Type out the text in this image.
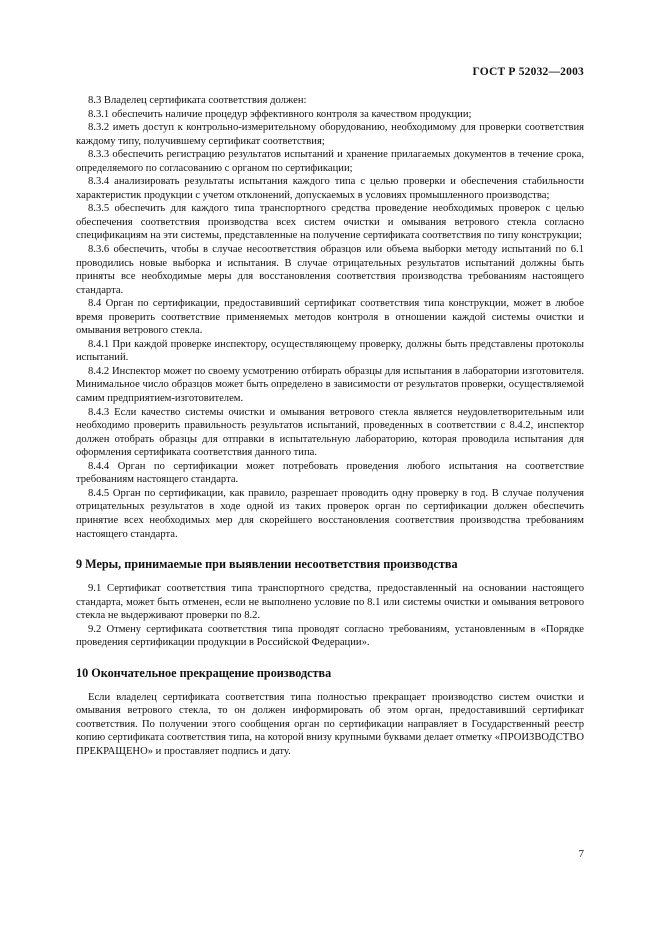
ГОСТ Р 52032—2003

8.3 Владелец сертификата соответствия должен:

8.3.1 обеспечить наличие процедур эффективного контроля за качеством продукции;

8.3.2 иметь доступ к контрольно-измерительному оборудованию, необходимому для проверки соответствия каждому типу, получившему сертификат соответствия;

8.3.3 обеспечить регистрацию результатов испытаний и хранение прилагаемых документов в течение срока, определяемого по согласованию с органом по сертификации;

8.3.4 анализировать результаты испытания каждого типа с целью проверки и обеспечения стабильности характеристик продукции с учетом отклонений, допускаемых в условиях промышленного производства;

8.3.5 обеспечить для каждого типа транспортного средства проведение необходимых проверок с целью обеспечения соответствия производства всех систем очистки и омывания ветрового стекла согласно спецификациям на эти системы, представленные на получение сертификата соответствия по типу конструкции;

8.3.6 обеспечить, чтобы в случае несоответствия образцов или объема выборки методу испытаний по 6.1 проводились новые выборка и испытания. В случае отрицательных результатов испытаний должны быть приняты все необходимые меры для восстановления соответствия производства требованиям настоящего стандарта.

8.4 Орган по сертификации, предоставивший сертификат соответствия типа конструкции, может в любое время проверить соответствие применяемых методов контроля в отношении каждой системы очистки и омывания ветрового стекла.

8.4.1 При каждой проверке инспектору, осуществляющему проверку, должны быть представлены протоколы испытаний.

8.4.2 Инспектор может по своему усмотрению отбирать образцы для испытания в лаборатории изготовителя. Минимальное число образцов может быть определено в зависимости от результатов проверки, осуществляемой самим предприятием-изготовителем.

8.4.3 Если качество системы очистки и омывания ветрового стекла является неудовлетворительным или необходимо проверить правильность результатов испытаний, проведенных в соответствии с 8.4.2, инспектор должен отобрать образцы для отправки в испытательную лабораторию, которая проводила испытания для оформления сертификата соответствия данного типа.

8.4.4 Орган по сертификации может потребовать проведения любого испытания на соответствие требованиям настоящего стандарта.

8.4.5 Орган по сертификации, как правило, разрешает проводить одну проверку в год. В случае получения отрицательных результатов в ходе одной из таких проверок орган по сертификации должен обеспечить принятие всех необходимых мер для скорейшего восстановления соответствия производства требованиям настоящего стандарта.

9 Меры, принимаемые при выявлении несоответствия производства

9.1 Сертификат соответствия типа транспортного средства, предоставленный на основании настоящего стандарта, может быть отменен, если не выполнено условие по 8.1 или системы очистки и омывания ветрового стекла не выдерживают проверки по 8.2.

9.2 Отмену сертификата соответствия типа проводят согласно требованиям, установленным в «Порядке проведения сертификации продукции в Российской Федерации».

10 Окончательное прекращение производства

Если владелец сертификата соответствия типа полностью прекращает производство систем очистки и омывания ветрового стекла, то он должен информировать об этом орган, предоставивший сертификат соответствия. По получении этого сообщения орган по сертификации направляет в Государственный реестр копию сертификата соответствия типа, на которой внизу крупными буквами делает отметку «ПРОИЗВОДСТВО ПРЕКРАЩЕНО» и проставляет подпись и дату.

7
